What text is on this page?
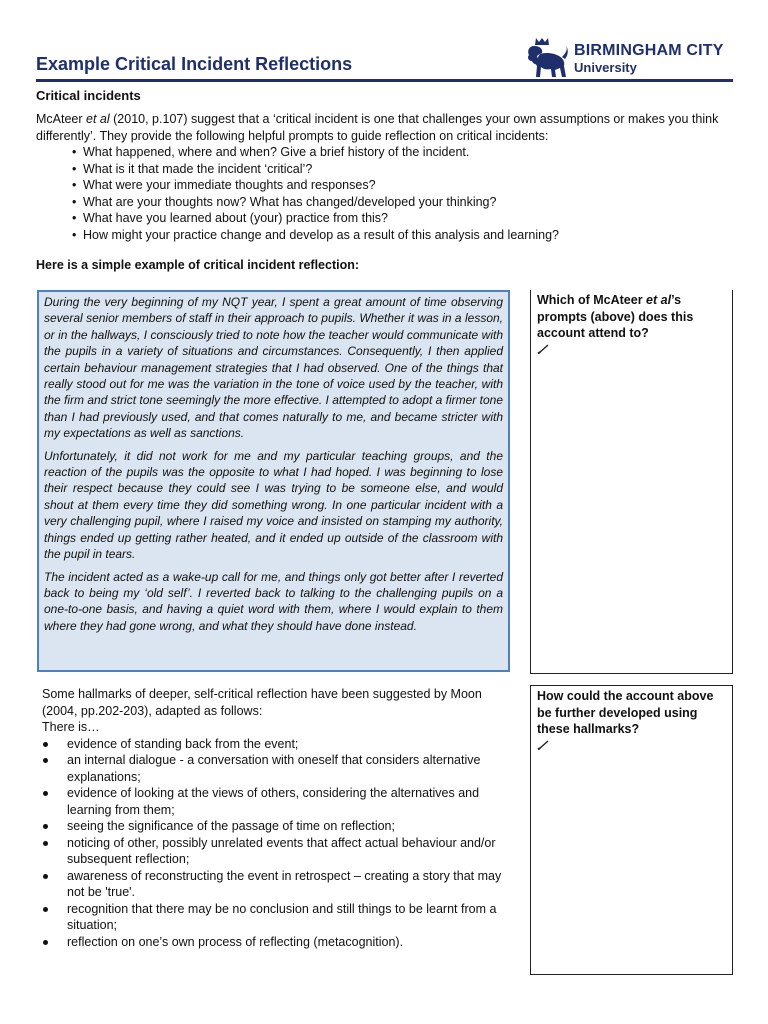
Example Critical Incident Reflections
BIRMINGHAM CITY
University
Critical incidents
McAteer et al (2010, p.107) suggest that a ‘critical incident is one that challenges your own assumptions or makes you think differently’. They provide the following helpful prompts to guide reflection on critical incidents:
• What happened, where and when? Give a brief history of the incident.
• What is it that made the incident ‘critical’?
• What were your immediate thoughts and responses?
• What are your thoughts now? What has changed/developed your thinking?
• What have you learned about (your) practice from this?
• How might your practice change and develop as a result of this analysis and learning?
Here is a simple example of critical incident reflection:

During the very beginning of my NQT year, I spent a great amount of time observing several senior members of staff in their approach to pupils. Whether it was in a lesson, or in the hallways, I consciously tried to note how the teacher would communicate with the pupils in a variety of situations and circumstances. Consequently, I then applied certain behaviour management strategies that I had observed. One of the things that really stood out for me was the variation in the tone of voice used by the teacher, with the firm and strict tone seemingly the more effective. I attempted to adopt a firmer tone than I had previously used, and that comes naturally to me, and became stricter with my expectations as well as sanctions.

Unfortunately, it did not work for me and my particular teaching groups, and the reaction of the pupils was the opposite to what I had hoped. I was beginning to lose their respect because they could see I was trying to be someone else, and would shout at them every time they did something wrong. In one particular incident with a very challenging pupil, where I raised my voice and insisted on stamping my authority, things ended up getting rather heated, and it ended up outside of the classroom with the pupil in tears.

The incident acted as a wake-up call for me, and things only got better after I reverted back to being my ‘old self’. I reverted back to talking to the challenging pupils on a one-to-one basis, and having a quiet word with them, where I would explain to them where they had gone wrong, and what they should have done instead.

Which of McAteer et al’s prompts (above) does this account attend to?

Some hallmarks of deeper, self-critical reflection have been suggested by Moon
(2004, pp.202-203), adapted as follows:

There is…

evidence of standing back from the event;
an internal dialogue - a conversation with oneself that considers alternative explanations;
evidence of looking at the views of others, considering the alternatives and learning from them;
seeing the significance of the passage of time on reflection;
noticing of other, possibly unrelated events that affect actual behaviour and/or subsequent reflection;
awareness of reconstructing the event in retrospect – creating a story that may not be 'true'.
recognition that there may be no conclusion and still things to be learnt from a situation;
reflection on one’s own process of reflecting (metacognition).
How could the account above be further developed using these hallmarks?
